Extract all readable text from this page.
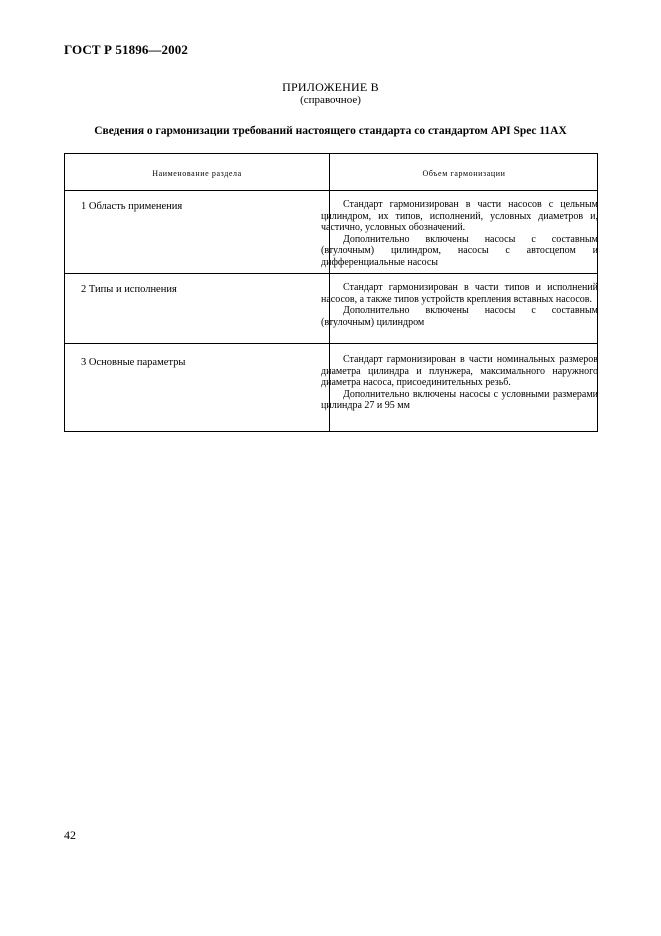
ГОСТ Р 51896—2002
ПРИЛОЖЕНИЕ В
(справочное)
Сведения о гармонизации требований настоящего стандарта со стандартом API Spec 11AX
Наименование раздела	Объем гармонизации
1 Область применения	Стандарт гармонизирован в части насосов с цельным цилиндром, их типов, исполнений, условных диаметров и, частично, условных обозначений.

Дополнительно включены насосы с составным (втулочным) цилиндром, насосы с автосцепом и дифференциальные насосы

2 Типы и исполнения	Стандарт гармонизирован в части типов и исполнений насосов, а также типов устройств крепления вставных насосов.

Дополнительно включены насосы с составным (втулочным) цилиндром

3 Основные параметры	Стандарт гармонизирован в части номинальных размеров диаметра цилиндра и плунжера, максимального наружного диаметра насоса, присоединительных резьб.

Дополнительно включены насосы с условными размерами цилиндра 27 и 95 мм

42
